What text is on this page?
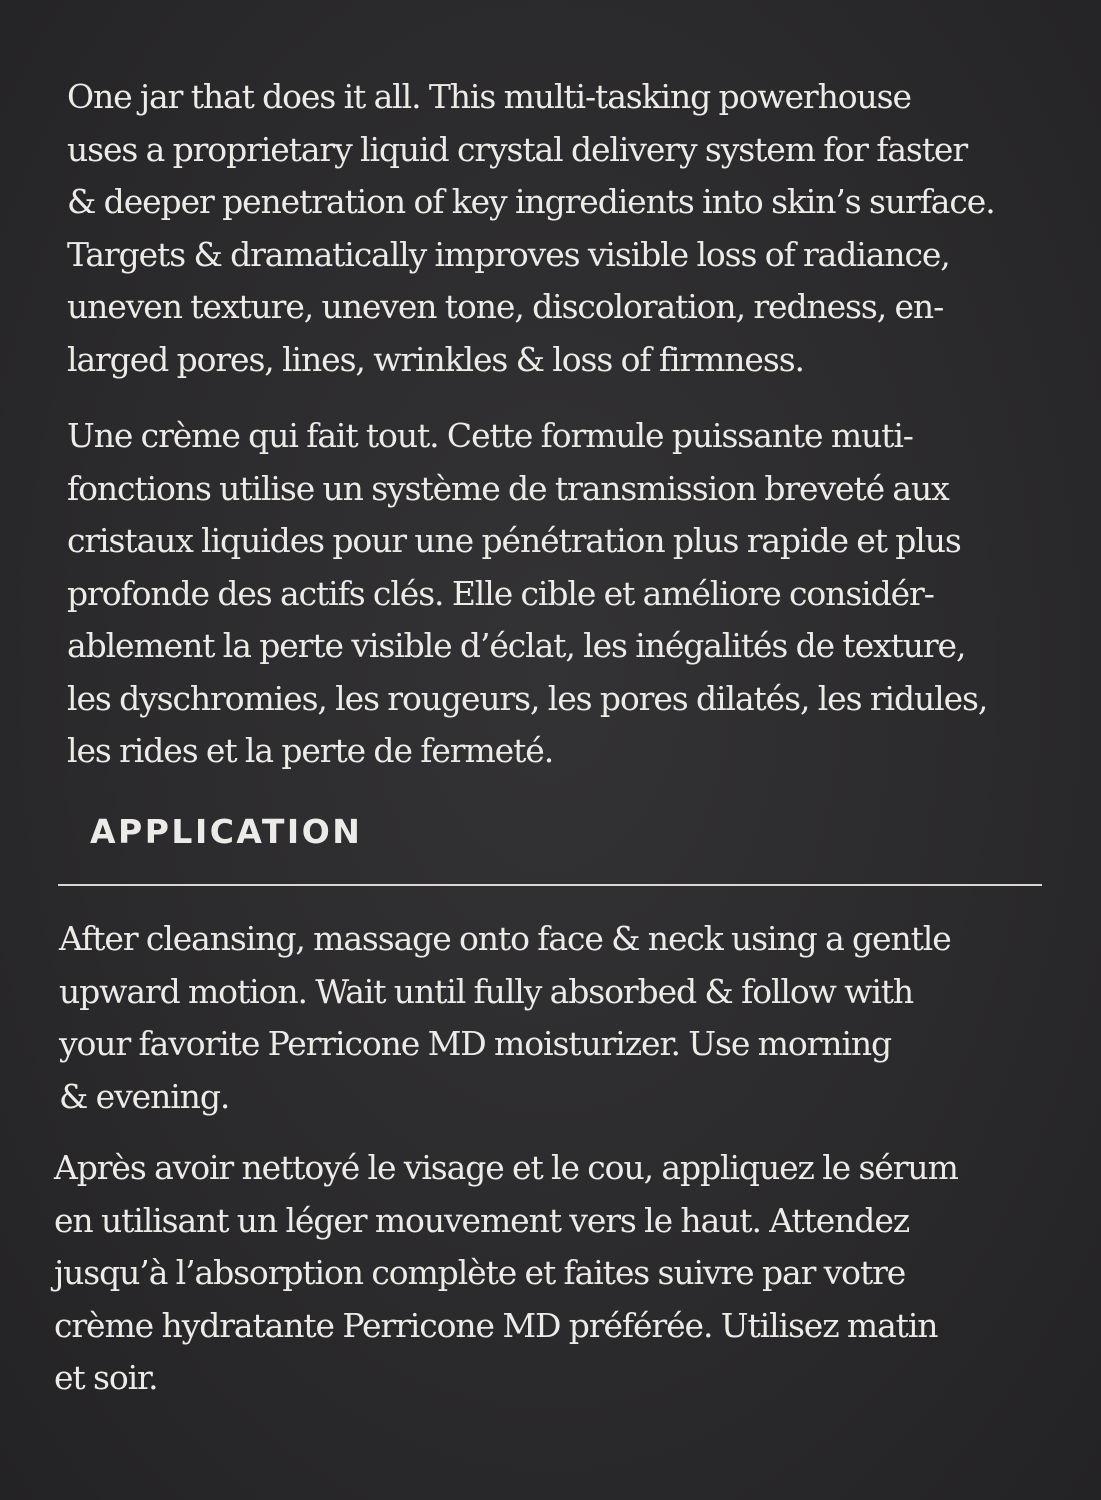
One jar that does it all. This multi-tasking powerhouse
uses a proprietary liquid crystal delivery system for faster
& deeper penetration of key ingredients into skin’s surface.
Targets & dramatically improves visible loss of radiance,
uneven texture, uneven tone, discoloration, redness, en-
larged pores, lines, wrinkles & loss of firmness.

Une crème qui fait tout. Cette formule puissante muti-
fonctions utilise un système de transmission breveté aux
cristaux liquides pour une pénétration plus rapide et plus
profonde des actifs clés. Elle cible et améliore considér-
ablement la perte visible d’éclat, les inégalités de texture,
les dyschromies, les rougeurs, les pores dilatés, les ridules,
les rides et la perte de fermeté.

APPLICATION

After cleansing, massage onto face & neck using a gentle
upward motion. Wait until fully absorbed & follow with
your favorite Perricone MD moisturizer. Use morning
& evening.

Après avoir nettoyé le visage et le cou, appliquez le sérum
en utilisant un léger mouvement vers le haut. Attendez
jusqu’à l’absorption complète et faites suivre par votre
crème hydratante Perricone MD préférée. Utilisez matin
et soir.
